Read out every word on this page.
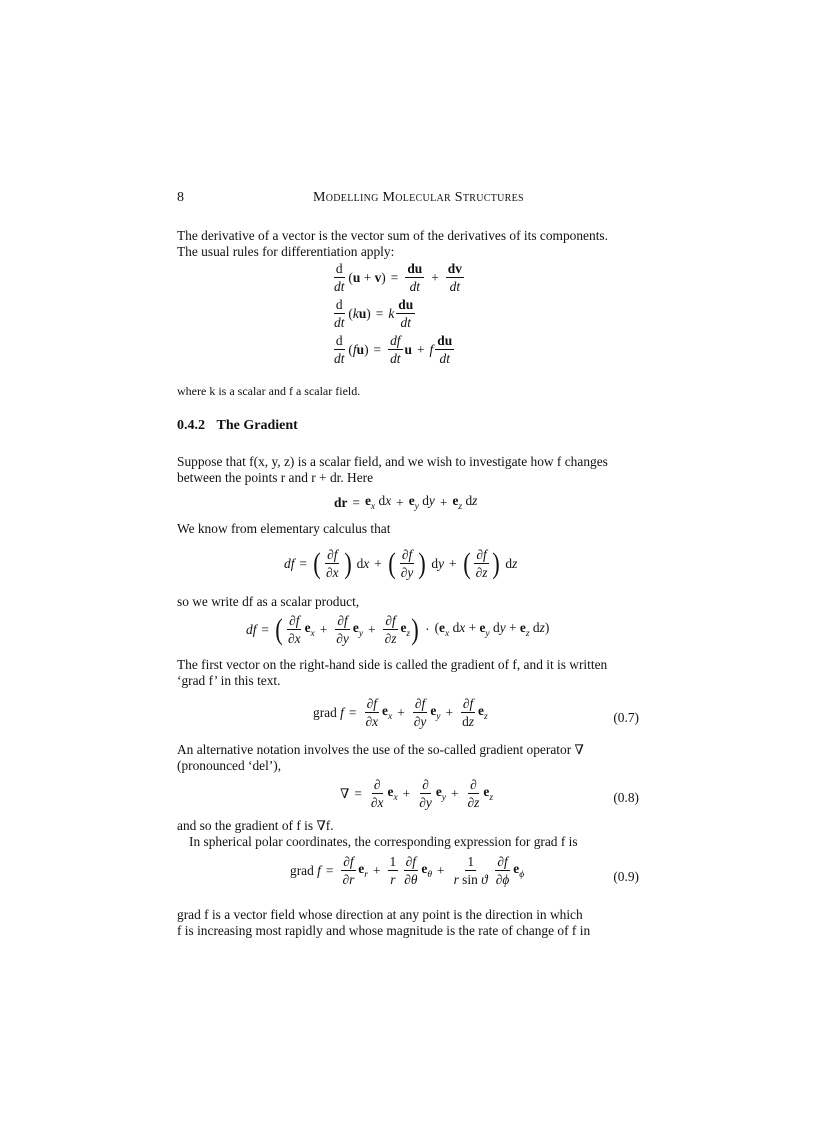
8	Modelling Molecular Structures

The derivative of a vector is the vector sum of the derivatives of its components.

The usual rules for differentiation apply:

$\frac{d}{dt} (u + v) = \frac{du}{dt} + \frac{dv}{dt}$
$\frac{d}{dt} (ku) = k \frac{du}{dt}$
$\frac{d}{dt} (fu) = \frac{df}{dt}$ u + f $\frac{du}{dt}$
where k is a scalar and f a scalar field.
0.4.2 The Gradient

Suppose that f(x, y, z) is a scalar field, and we wish to investigate how f changes

between the points r and r + dr. Here

dr = $e_x$ dx + $e_y$ dy + $e_z$ dz
We know from elementary calculus that
df = ( $\frac{\partial f}{\partial x}$ ) dx + ( $\frac{\partial f}{\partial y}$ ) dy + ( $\frac{\partial f}{\partial z}$ ) dz
so we write df as a scalar product,
df = ( $\frac{\partial f}{\partial x} e_x + \frac{\partial f}{\partial y} e_y + \frac{\partial f}{\partial z} e_z$ ) · ($e_x$ dx + $e_y$ dy + $e_z$ dz)

The first vector on the right-hand side is called the gradient of f, and it is written

‘grad f’ in this text.

grad $f = \frac{\partial f}{\partial x} e_x + \frac{\partial f}{\partial y} e_y + \frac{\partial f}{dz} e_z$	(0.7)

An alternative notation involves the use of the so-called gradient operator ∇

(pronounced ‘del’),

∇ = $\frac{\partial}{\partial x} e_x + \frac{\partial}{\partial y} e_y + \frac{\partial}{\partial z} e_z$	(0.8)

and so the gradient of f is ∇f.

In spherical polar coordinates, the corresponding expression for grad f is

grad $f = \frac{\partial f}{\partial r} e_r + \frac{1}{r} \frac{\partial f}{\partial\theta} e_\theta + \frac{1}{\text{r sin ϑ}} \frac{\partial f}{\partial\phi} e_\phi$	(0.9)

grad f is a vector field whose direction at any point is the direction in which

f is increasing most rapidly and whose magnitude is the rate of change of f in
